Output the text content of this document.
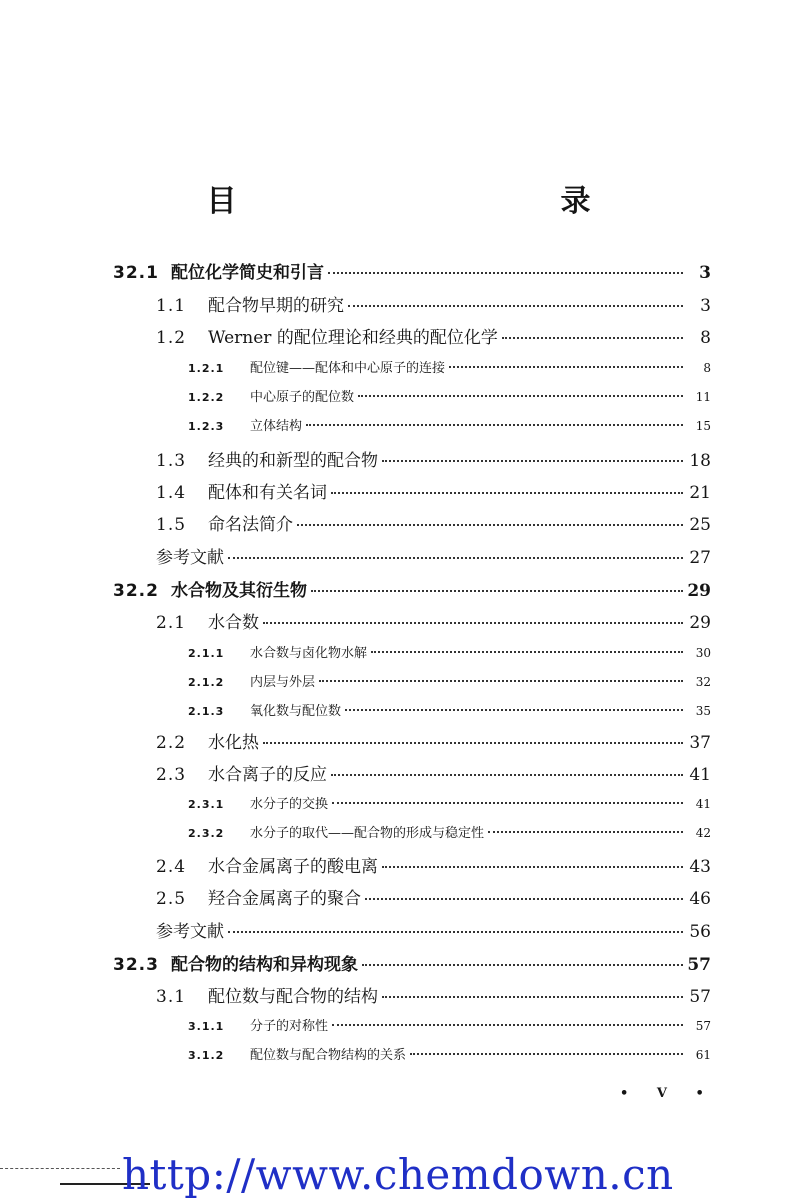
目　　录
32.1 配位化学简史和引言	3
1.1	配合物早期的研究	3
1.2	Werner 的配位理论和经典的配位化学	8
1.2.1	配位键——配体和中心原子的连接	8
1.2.2	中心原子的配位数	11
1.2.3	立体结构	15
1.3	经典的和新型的配合物	18
1.4	配体和有关名词	21
1.5	命名法简介	25
参考文献	27
32.2 水合物及其衍生物	29
2.1	水合数	29
2.1.1	水合数与卤化物水解	30
2.1.2	内层与外层	32
2.1.3	氧化数与配位数	35
2.2	水化热	37
2.3	水合离子的反应	41
2.3.1	水分子的交换	41
2.3.2	水分子的取代——配合物的形成与稳定性	42
2.4	水合金属离子的酸电离	43
2.5	羟合金属离子的聚合	46
参考文献	56
32.3 配合物的结构和异构现象	57
3.1	配位数与配合物的结构	57
3.1.1	分子的对称性	57
3.1.2	配位数与配合物结构的关系	61
• V •
http://www.chemdown.cn
